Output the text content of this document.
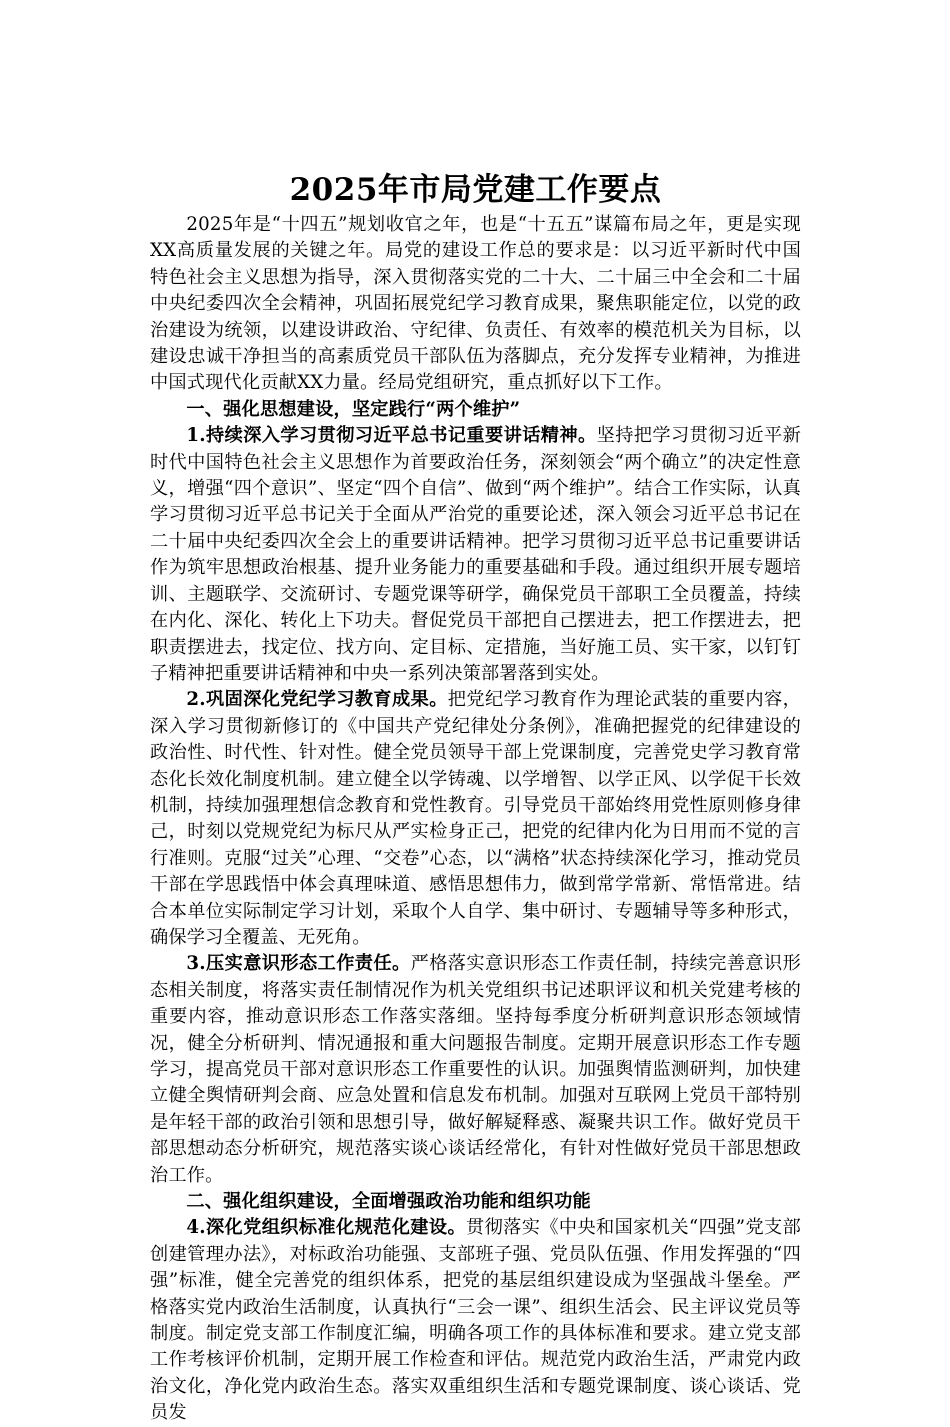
2025年市局党建工作要点

2025年是“十四五”规划收官之年，也是“十五五”谋篇布局之年，更是实现XX高质量发展的关键之年。局党的建设工作总的要求是：以习近平新时代中国特色社会主义思想为指导，深入贯彻落实党的二十大、二十届三中全会和二十届中央纪委四次全会精神，巩固拓展党纪学习教育成果，聚焦职能定位，以党的政治建设为统领，以建设讲政治、守纪律、负责任、有效率的模范机关为目标，以建设忠诚干净担当的高素质党员干部队伍为落脚点，充分发挥专业精神，为推进中国式现代化贡献XX力量。经局党组研究，重点抓好以下工作。

一、强化思想建设，坚定践行“两个维护”

1.持续深入学习贯彻习近平总书记重要讲话精神。坚持把学习贯彻习近平新时代中国特色社会主义思想作为首要政治任务，深刻领会“两个确立”的决定性意义，增强“四个意识”、坚定“四个自信”、做到“两个维护”。结合工作实际，认真学习贯彻习近平总书记关于全面从严治党的重要论述，深入领会习近平总书记在二十届中央纪委四次全会上的重要讲话精神。把学习贯彻习近平总书记重要讲话作为筑牢思想政治根基、提升业务能力的重要基础和手段。通过组织开展专题培训、主题联学、交流研讨、专题党课等研学，确保党员干部职工全员覆盖，持续在内化、深化、转化上下功夫。督促党员干部把自己摆进去，把工作摆进去，把职责摆进去，找定位、找方向、定目标、定措施，当好施工员、实干家，以钉钉子精神把重要讲话精神和中央一系列决策部署落到实处。

2.巩固深化党纪学习教育成果。把党纪学习教育作为理论武装的重要内容，深入学习贯彻新修订的《中国共产党纪律处分条例》，准确把握党的纪律建设的政治性、时代性、针对性。健全党员领导干部上党课制度，完善党史学习教育常态化长效化制度机制。建立健全以学铸魂、以学增智、以学正风、以学促干长效机制，持续加强理想信念教育和党性教育。引导党员干部始终用党性原则修身律己，时刻以党规党纪为标尺从严实检身正己，把党的纪律内化为日用而不觉的言行准则。克服“过关”心理、“交卷”心态，以“满格”状态持续深化学习，推动党员干部在学思践悟中体会真理味道、感悟思想伟力，做到常学常新、常悟常进。结合本单位实际制定学习计划，采取个人自学、集中研讨、专题辅导等多种形式，确保学习全覆盖、无死角。

3.压实意识形态工作责任。严格落实意识形态工作责任制，持续完善意识形态相关制度，将落实责任制情况作为机关党组织书记述职评议和机关党建考核的重要内容，推动意识形态工作落实落细。坚持每季度分析研判意识形态领域情况，健全分析研判、情况通报和重大问题报告制度。定期开展意识形态工作专题学习，提高党员干部对意识形态工作重要性的认识。加强舆情监测研判，加快建立健全舆情研判会商、应急处置和信息发布机制。加强对互联网上党员干部特别是年轻干部的政治引领和思想引导，做好解疑释惑、凝聚共识工作。做好党员干部思想动态分析研究，规范落实谈心谈话经常化，有针对性做好党员干部思想政治工作。

二、强化组织建设，全面增强政治功能和组织功能

4.深化党组织标准化规范化建设。贯彻落实《中央和国家机关“四强”党支部创建管理办法》，对标政治功能强、支部班子强、党员队伍强、作用发挥强的“四强”标准，健全完善党的组织体系，把党的基层组织建设成为坚强战斗堡垒。严格落实党内政治生活制度，认真执行“三会一课”、组织生活会、民主评议党员等制度。制定党支部工作制度汇编，明确各项工作的具体标准和要求。建立党支部工作考核评价机制，定期开展工作检查和评估。规范党内政治生活，严肃党内政治文化，净化党内政治生态。落实双重组织生活和专题党课制度、谈心谈话、党员发
